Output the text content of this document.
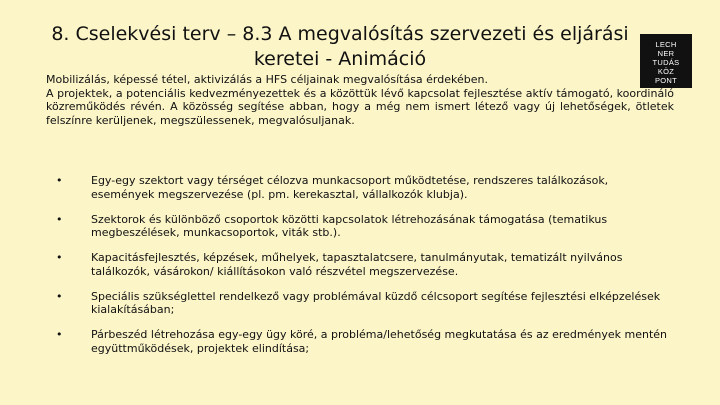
8. Cselekvési terv – 8.3 A megvalósítás szervezeti és eljárási keretei - Animáció
LECH
NER
TUDÁS
KÖZ
PONT

Mobilizálás, képessé tétel, aktivizálás a HFS céljainak megvalósítása érdekében.

A projektek, a potenciális kedvezményezettek és a közöttük lévő kapcsolat fejlesztése aktív támogató, koordináló közreműködés révén. A közösség segítése abban, hogy a még nem ismert létező vagy új lehetőségek, ötletek felszínre kerüljenek, megszülessenek, megvalósuljanak.

•	Egy-egy szektort vagy térséget célozva munkacsoport működtetése, rendszeres találkozások, események megszervezése (pl. pm. kerekasztal, vállalkozók klubja).
•	Szektorok és különböző csoportok közötti kapcsolatok létrehozásának támogatása (tematikus megbeszélések, munkacsoportok, viták stb.).
•	Kapacitásfejlesztés, képzések, műhelyek, tapasztalatcsere, tanulmányutak, tematizált nyilvános találkozók, vásárokon/ kiállításokon való részvétel megszervezése.
•	Speciális szükséglettel rendelkező vagy problémával küzdő célcsoport segítése fejlesztési elképzelések kialakításában;
•	Párbeszéd létrehozása egy-egy ügy köré, a probléma/lehetőség megkutatása és az eredmények mentén együttműködések, projektek elindítása;
